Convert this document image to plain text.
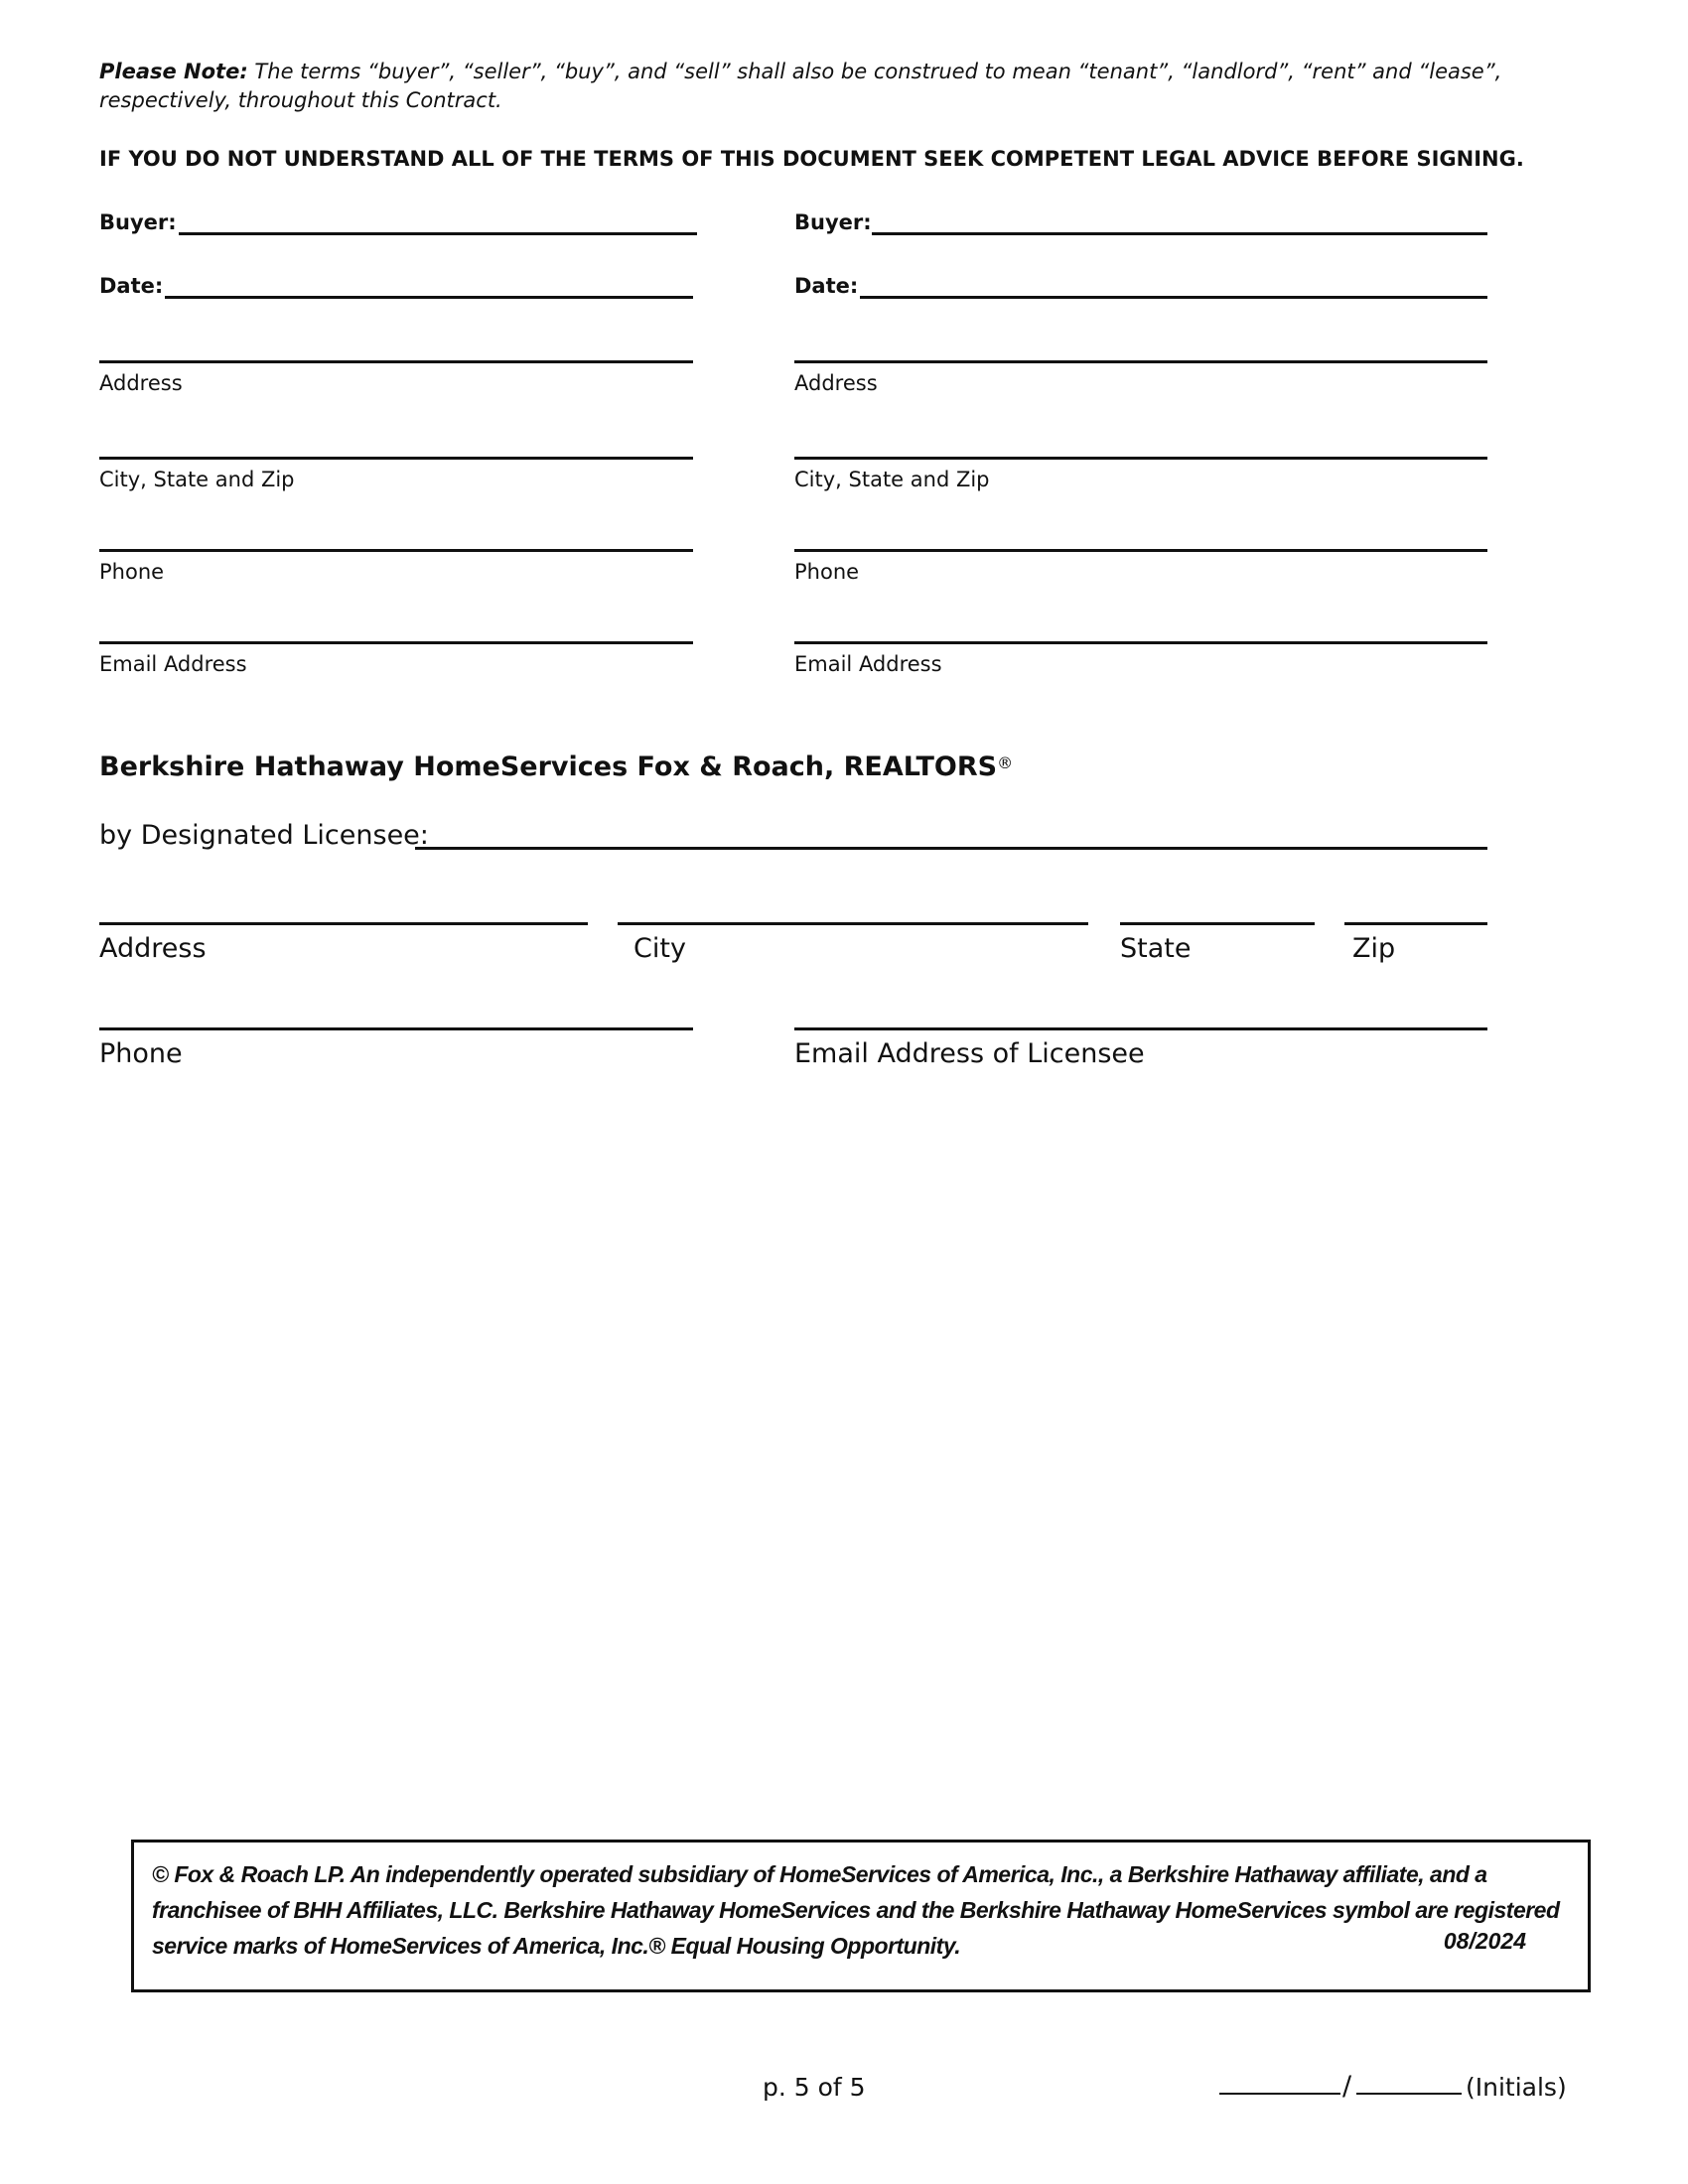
Please Note: The terms “buyer”, “seller”, “buy”, and “sell” shall also be construed to mean “tenant”, “landlord”, “rent” and “lease”, respectively, throughout this Contract.
IF YOU DO NOT UNDERSTAND ALL OF THE TERMS OF THIS DOCUMENT SEEK COMPETENT LEGAL ADVICE BEFORE SIGNING.
Buyer:
Date:
Address
City, State and Zip
Phone
Email Address
Buyer:
Date:
Address
City, State and Zip
Phone
Email Address
Berkshire Hathaway HomeServices Fox & Roach, REALTORS®
by Designated Licensee:
Address	City	State	Zip
Phone	Email Address of Licensee
© Fox & Roach LP. An independently operated subsidiary of HomeServices of America, Inc., a Berkshire Hathaway affiliate, and a franchisee of BHH Affiliates, LLC. Berkshire Hathaway HomeServices and the Berkshire Hathaway HomeServices symbol are registered service marks of HomeServices of America, Inc.® Equal Housing Opportunity.	08/2024
p. 5 of 5	/	(Initials)
